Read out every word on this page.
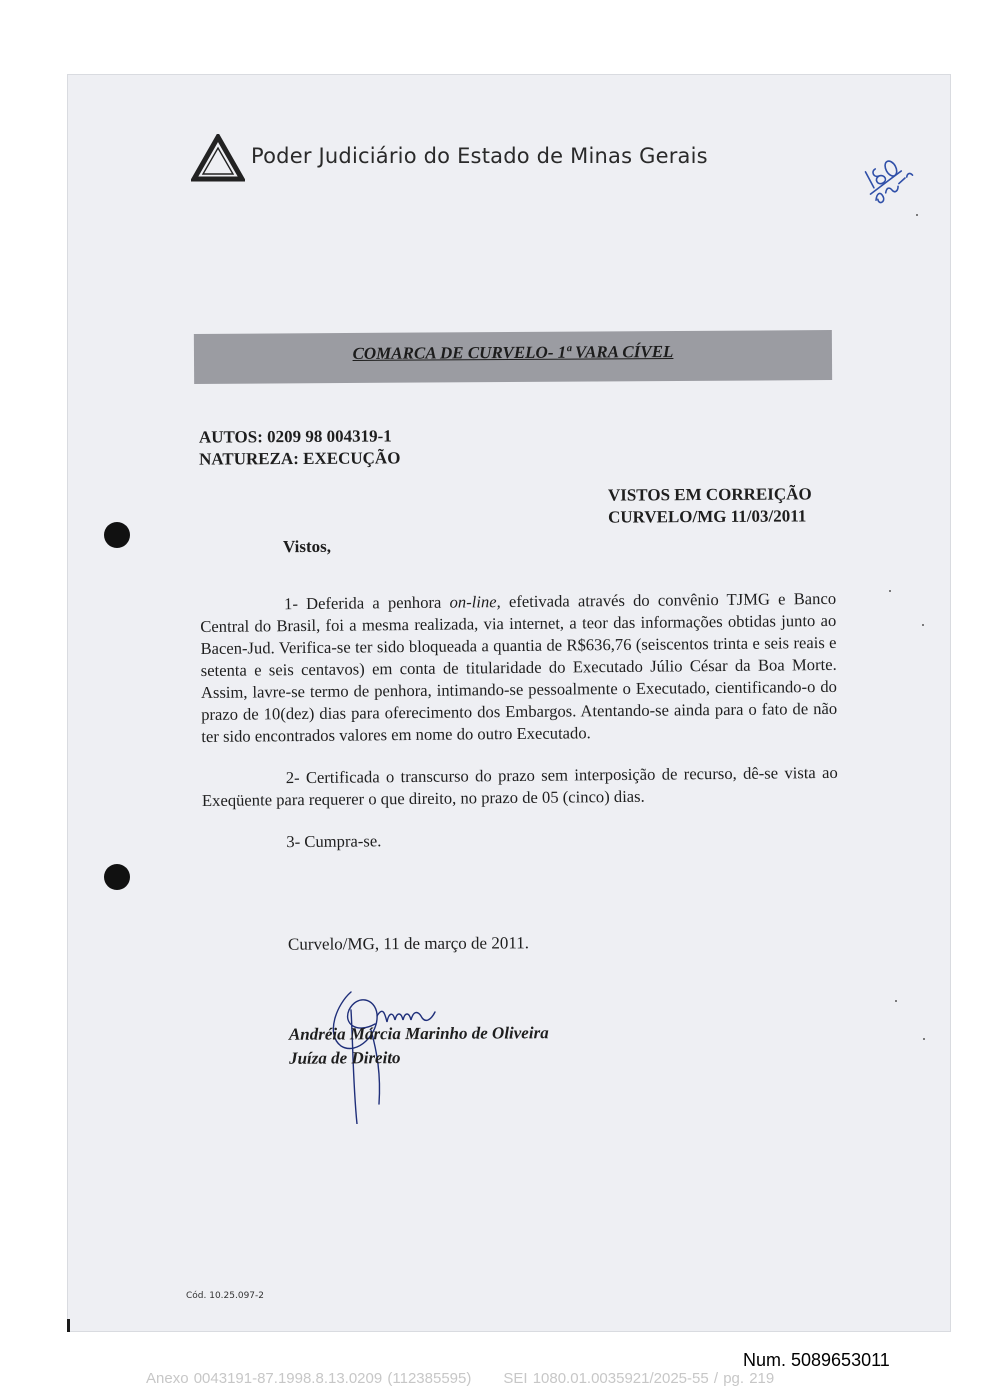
Poder Judiciário do Estado de Minas Gerais
COMARCA DE CURVELO- 1ª VARA CÍVEL
AUTOS: 0209 98 004319-1
NATUREZA: EXECUÇÃO
VISTOS EM CORREIÇÃO
CURVELO/MG 11/03/2011
Vistos,

1- Deferida a penhora on-line, efetivada através do convênio TJMG e Banco Central do Brasil, foi a mesma realizada, via internet, a teor das informações obtidas junto ao Bacen-Jud. Verifica-se ter sido bloqueada a quantia de R$636,76 (seiscentos trinta e seis reais e setenta e seis centavos) em conta de titularidade do Executado Júlio César da Boa Morte. Assim, lavre-se termo de penhora, intimando-se pessoalmente o Executado, cientificando-o do prazo de 10(dez) dias para oferecimento dos Embargos. Atentando-se ainda para o fato de não ter sido encontrados valores em nome do outro Executado.

2- Certificada o transcurso do prazo sem interposição de recurso, dê-se vista ao Exeqüente para requerer o que direito, no prazo de 05 (cinco) dias.

3- Cumpra-se.

Curvelo/MG, 11 de março de 2011.
Andréia Márcia Marinho de Oliveira
Juíza de Direito
Cód. 10.25.097-2
Num. 5089653011
Anexo 0043191-87.1998.8.13.0209 (112385595) SEI 1080.01.0035921/2025-55 / pg. 219
